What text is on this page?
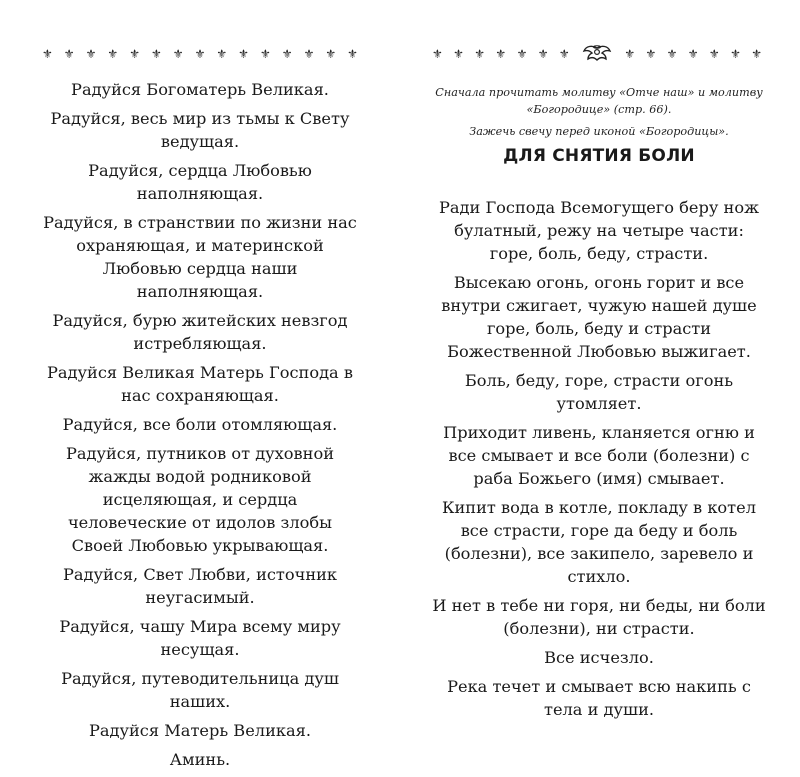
⚜ ⚜ ⚜ ⚜ ⚜ ⚜ ⚜ ⚜ ⚜ ⚜ ⚜ ⚜ ⚜ ⚜ ⚜

Радуйся Богоматерь Великая.

Радуйся, весь мир из тьмы к Свету ведущая.

Радуйся, сердца Любовью наполняющая.

Радуйся, в странствии по жизни нас охраняющая, и материнской Любовью сердца наши наполняющая.

Радуйся, бурю житейских невзгод истребляющая.

Радуйся Великая Матерь Господа в нас сохраняющая.

Радуйся, все боли отомляющая.

Радуйся, путников от духовной жажды водой родниковой исцеляющая, и сердца человеческие от идолов злобы Своей Любовью укрывающая.

Радуйся, Свет Любви, источник неугасимый.

Радуйся, чашу Мира всему миру несущая.

Радуйся, путеводительница душ наших.

Радуйся Матерь Великая.

Аминь.

⚜ ⚜ ⚜ ⚜ ⚜ ⚜ ⚜	⚜ ⚜ ⚜ ⚜ ⚜ ⚜ ⚜

Сначала прочитать молитву «Отче наш» и молитву «Богородице» (стр. 66).

Зажечь свечу перед иконой «Богородицы».

ДЛЯ СНЯТИЯ БОЛИ

Ради Господа Всемогущего беру нож булатный, режу на четыре части: горе, боль, беду, страсти.

Высекаю огонь, огонь горит и все внутри сжигает, чужую нашей душе горе, боль, беду и страсти Божественной Любовью выжигает.

Боль, беду, горе, страсти огонь утомляет.

Приходит ливень, кланяется огню и все смывает и все боли (болезни) с раба Божьего (имя) смывает.

Кипит вода в котле, покладу в котел все страсти, горе да беду и боль (болезни), все закипело, заревело и стихло.

И нет в тебе ни горя, ни беды, ни боли (болезни), ни страсти.

Все исчезло.

Река течет и смывает всю накипь с тела и души.
